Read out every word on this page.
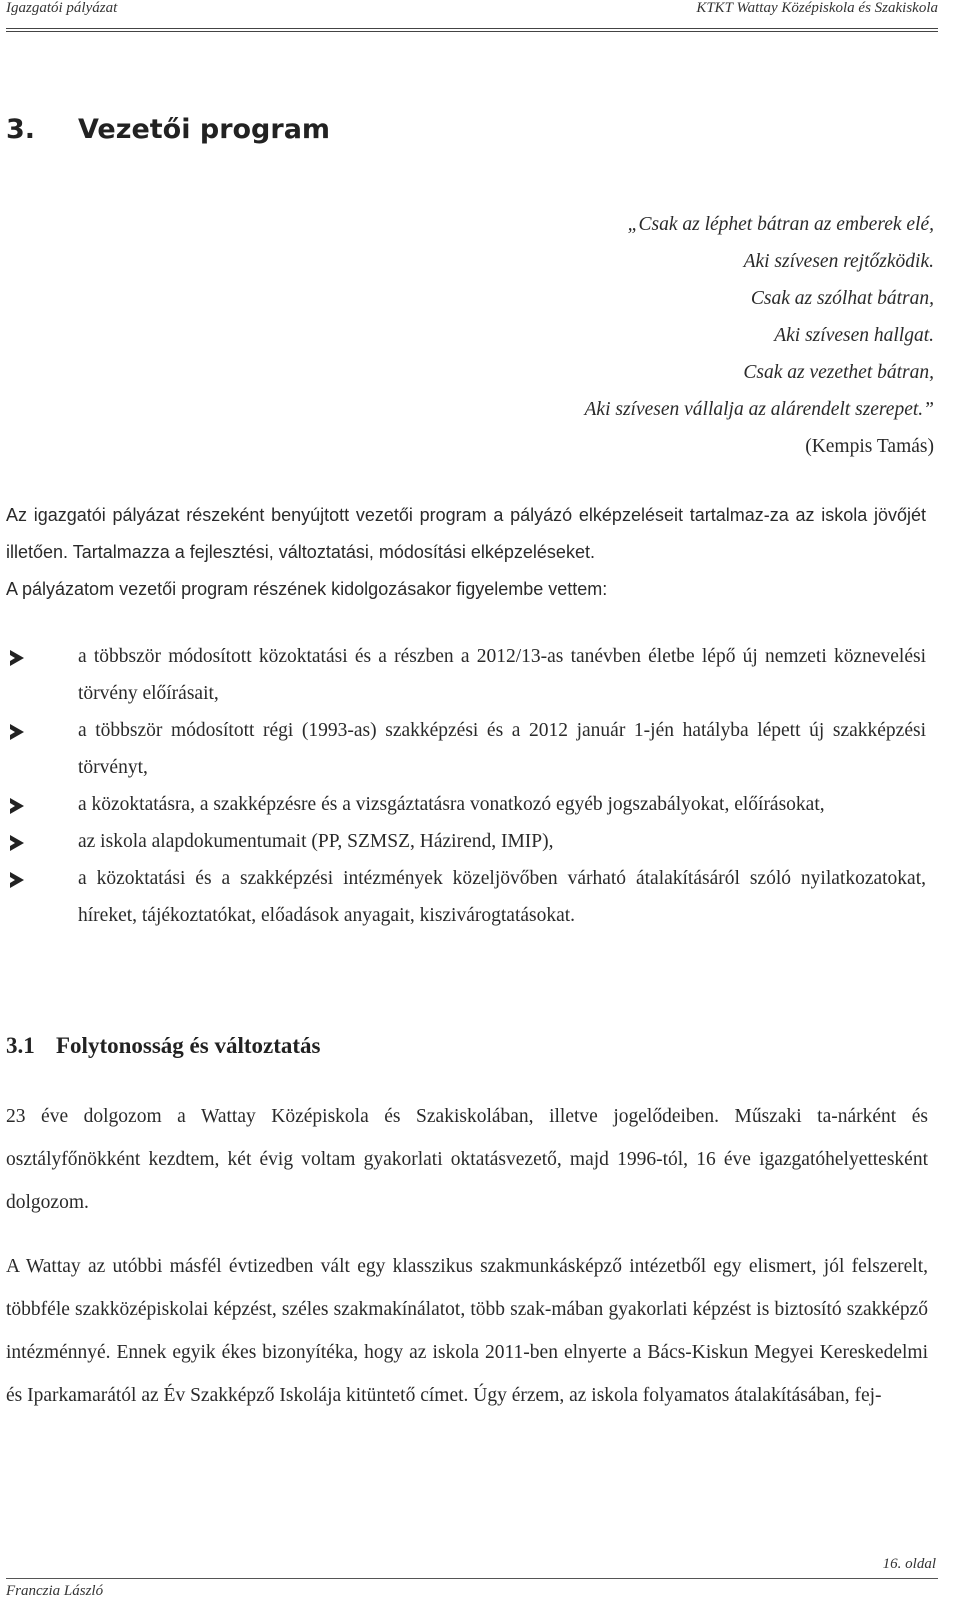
Igazgatói pályázat	KTKT Wattay Középiskola és Szakiskola
3. Vezetői program
„Csak az léphet bátran az emberek elé,
Aki szívesen rejtőzködik.
Csak az szólhat bátran,
Aki szívesen hallgat.
Csak az vezethet bátran,
Aki szívesen vállalja az alárendelt szerepet.”
(Kempis Tamás)

Az igazgatói pályázat részeként benyújtott vezetői program a pályázó elképzeléseit tartalmaz-za az iskola jövőjét illetően. Tartalmazza a fejlesztési, változtatási, módosítási elképzeléseket.

A pályázatom vezetői program részének kidolgozásakor figyelembe vettem:

a többször módosított közoktatási és a részben a 2012/13-as tanévben életbe lépő új nemzeti köznevelési törvény előírásait,
a többször módosított régi (1993-as) szakképzési és a 2012 január 1-jén hatályba lépett új szakképzési törvényt,
a közoktatásra, a szakképzésre és a vizsgáztatásra vonatkozó egyéb jogszabályokat, előírásokat,
az iskola alapdokumentumait (PP, SZMSZ, Házirend, IMIP),
a közoktatási és a szakképzési intézmények közeljövőben várható átalakításáról szóló nyilatkozatokat, híreket, tájékoztatókat, előadások anyagait, kiszivárogtatásokat.
3.1 Folytonosság és változtatás

23 éve dolgozom a Wattay Középiskola és Szakiskolában, illetve jogelődeiben. Műszaki ta-nárként és osztályfőnökként kezdtem, két évig voltam gyakorlati oktatásvezető, majd 1996-tól, 16 éve igazgatóhelyettesként dolgozom.

A Wattay az utóbbi másfél évtizedben vált egy klasszikus szakmunkásképző intézetből egy elismert, jól felszerelt, többféle szakközépiskolai képzést, széles szakmakínálatot, több szak-mában gyakorlati képzést is biztosító szakképző intézménnyé. Ennek egyik ékes bizonyítéka, hogy az iskola 2011-ben elnyerte a Bács-Kiskun Megyei Kereskedelmi és Iparkamarától az Év Szakképző Iskolája kitüntető címet. Úgy érzem, az iskola folyamatos átalakításában, fej-

16. oldal
Franczia László
